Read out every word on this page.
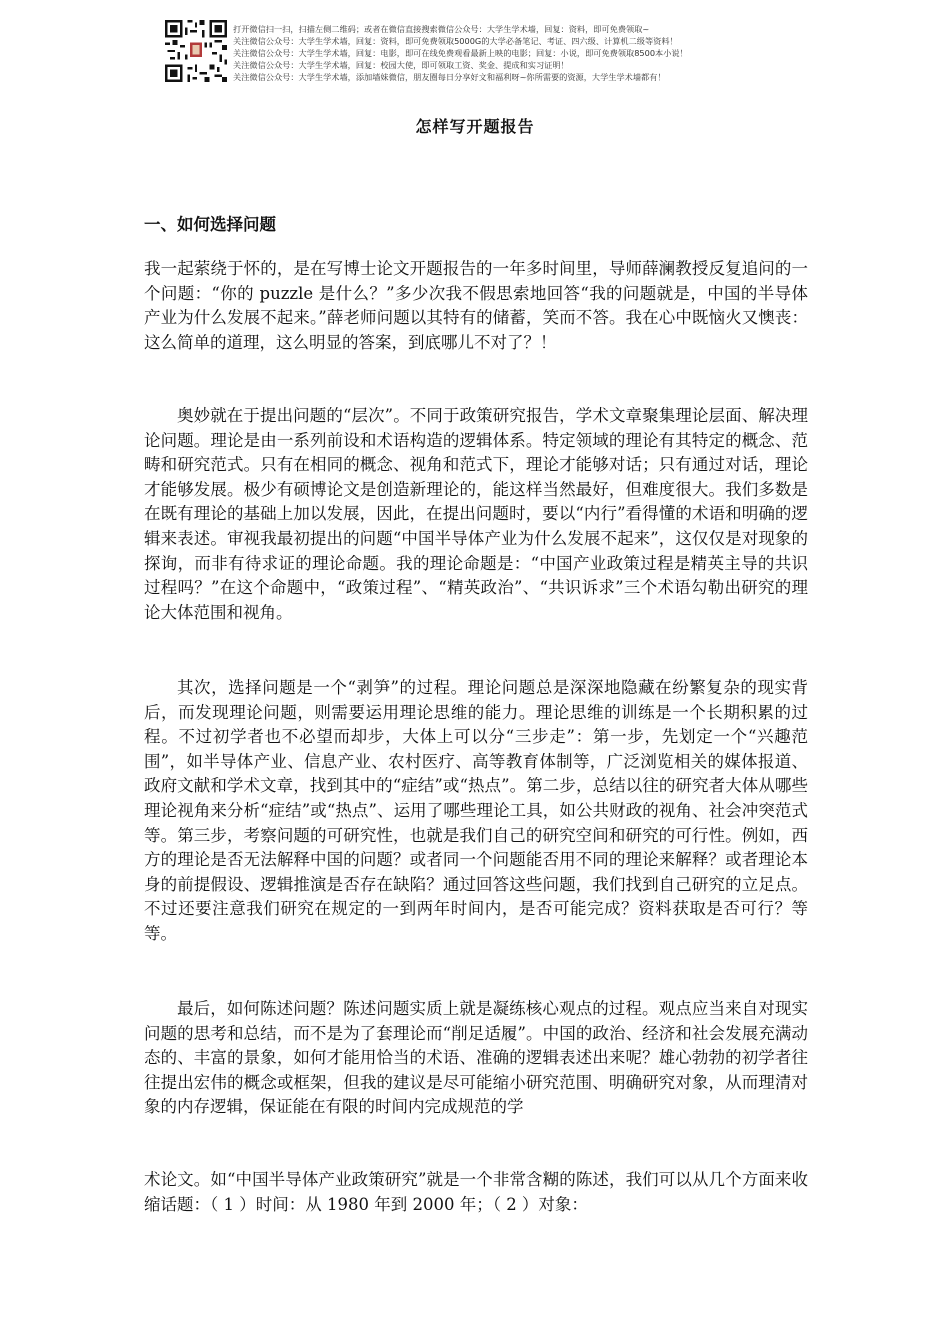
打开微信扫一扫，扫描左侧二维码；或者在微信直接搜索微信公众号：大学生学术墙，回复：资料，即可免费领取~
关注微信公众号：大学生学术墙，回复：资料，即可免费领取5000G的大学必备笔记、考证、四六级、计算机二级等资料！
关注微信公众号：大学生学术墙，回复：电影，即可在线免费观看最新上映的电影；回复：小说，即可免费领取8500本小说！
关注微信公众号：大学生学术墙，回复：校园大使，即可领取工资、奖金、提成和实习证明！
关注微信公众号：大学生学术墙，添加墙妹微信，朋友圈每日分享好文和福利呀~你所需要的资源，大学生学术墙都有！
怎样写开题报告
一、如何选择问题

我一起萦绕于怀的，是在写博士论文开题报告的一年多时间里，导师薛澜教授反复追问的一个问题：“你的 puzzle 是什么？”多少次我不假思索地回答“我的问题就是，中国的半导体产业为什么发展不起来。”薛老师问题以其特有的储蓄，笑而不答。我在心中既恼火又懊丧：这么简单的道理，这么明显的答案，到底哪儿不对了？！

奥妙就在于提出问题的“层次”。不同于政策研究报告，学术文章聚集理论层面、解决理论问题。理论是由一系列前设和术语构造的逻辑体系。特定领域的理论有其特定的概念、范畴和研究范式。只有在相同的概念、视角和范式下，理论才能够对话；只有通过对话，理论才能够发展。极少有硕博论文是创造新理论的，能这样当然最好，但难度很大。我们多数是在既有理论的基础上加以发展，因此，在提出问题时，要以“内行”看得懂的术语和明确的逻辑来表述。审视我最初提出的问题“中国半导体产业为什么发展不起来”，这仅仅是对现象的探询，而非有待求证的理论命题。我的理论命题是：“中国产业政策过程是精英主导的共识过程吗？”在这个命题中，“政策过程”、“精英政治”、“共识诉求”三个术语勾勒出研究的理论大体范围和视角。

其次，选择问题是一个“剥笋”的过程。理论问题总是深深地隐藏在纷繁复杂的现实背后，而发现理论问题，则需要运用理论思维的能力。理论思维的训练是一个长期积累的过程。不过初学者也不必望而却步，大体上可以分“三步走”：第一步，先划定一个“兴趣范围”，如半导体产业、信息产业、农村医疗、高等教育体制等，广泛浏览相关的媒体报道、政府文献和学术文章，找到其中的“症结”或“热点”。第二步，总结以往的研究者大体从哪些理论视角来分析“症结”或“热点”、运用了哪些理论工具，如公共财政的视角、社会冲突范式等。第三步，考察问题的可研究性，也就是我们自己的研究空间和研究的可行性。例如，西方的理论是否无法解释中国的问题？或者同一个问题能否用不同的理论来解释？或者理论本身的前提假设、逻辑推演是否存在缺陷？通过回答这些问题，我们找到自己研究的立足点。不过还要注意我们研究在规定的一到两年时间内，是否可能完成？资料获取是否可行？等等。

最后，如何陈述问题？陈述问题实质上就是凝练核心观点的过程。观点应当来自对现实问题的思考和总结，而不是为了套理论而“削足适履”。中国的政治、经济和社会发展充满动态的、丰富的景象，如何才能用恰当的术语、准确的逻辑表述出来呢？雄心勃勃的初学者往往提出宏伟的概念或框架，但我的建议是尽可能缩小研究范围、明确研究对象，从而理清对象的内存逻辑，保证能在有限的时间内完成规范的学

术论文。如“中国半导体产业政策研究”就是一个非常含糊的陈述，我们可以从几个方面来收缩话题：（ 1 ）时间：从 1980 年到 2000 年；（ 2 ）对象：
